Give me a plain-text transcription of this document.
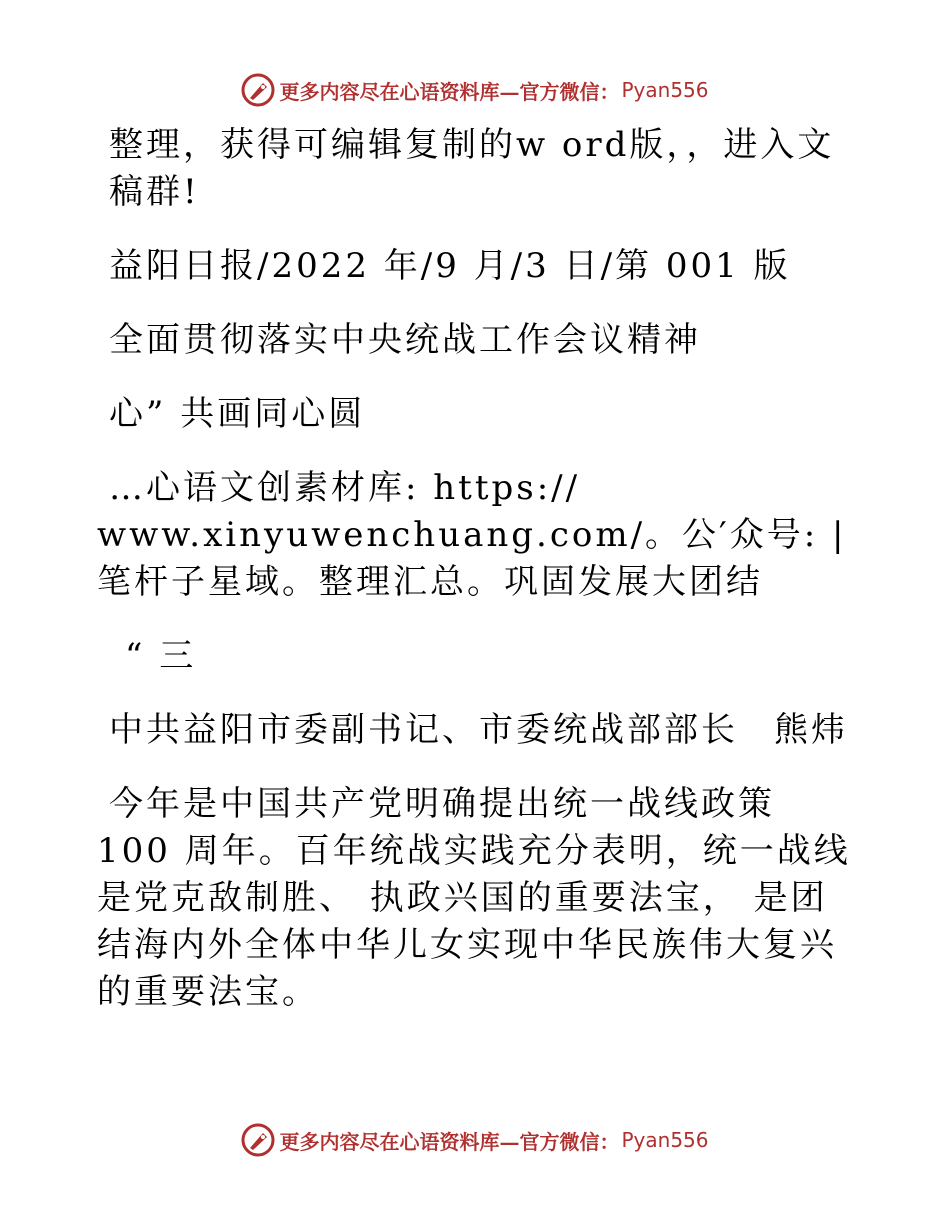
更多内容尽在心语资料库—官方微信： Pyan556

整理，获得可编辑复制的w ord版，，进入文稿群!

益阳日报/2022 年/9 月/3 日/第 001 版

全面贯彻落实中央统战工作会议精神

心” 共画同心圆

…心语文创素材库: https://
www.xinyuwenchuang.com/。公′众号: |笔杆子星域。整理汇总。巩固发展大团结

“ 三

中共益阳市委副书记、市委统战部部长 熊炜

今年是中国共产党明确提出统一战线政策 100 周年。百年统战实践充分表明，统一战线是党克敌制胜、 执政兴国的重要法宝， 是团结海内外全体中华儿女实现中华民族伟大复兴的重要法宝。

更多内容尽在心语资料库—官方微信： Pyan556
